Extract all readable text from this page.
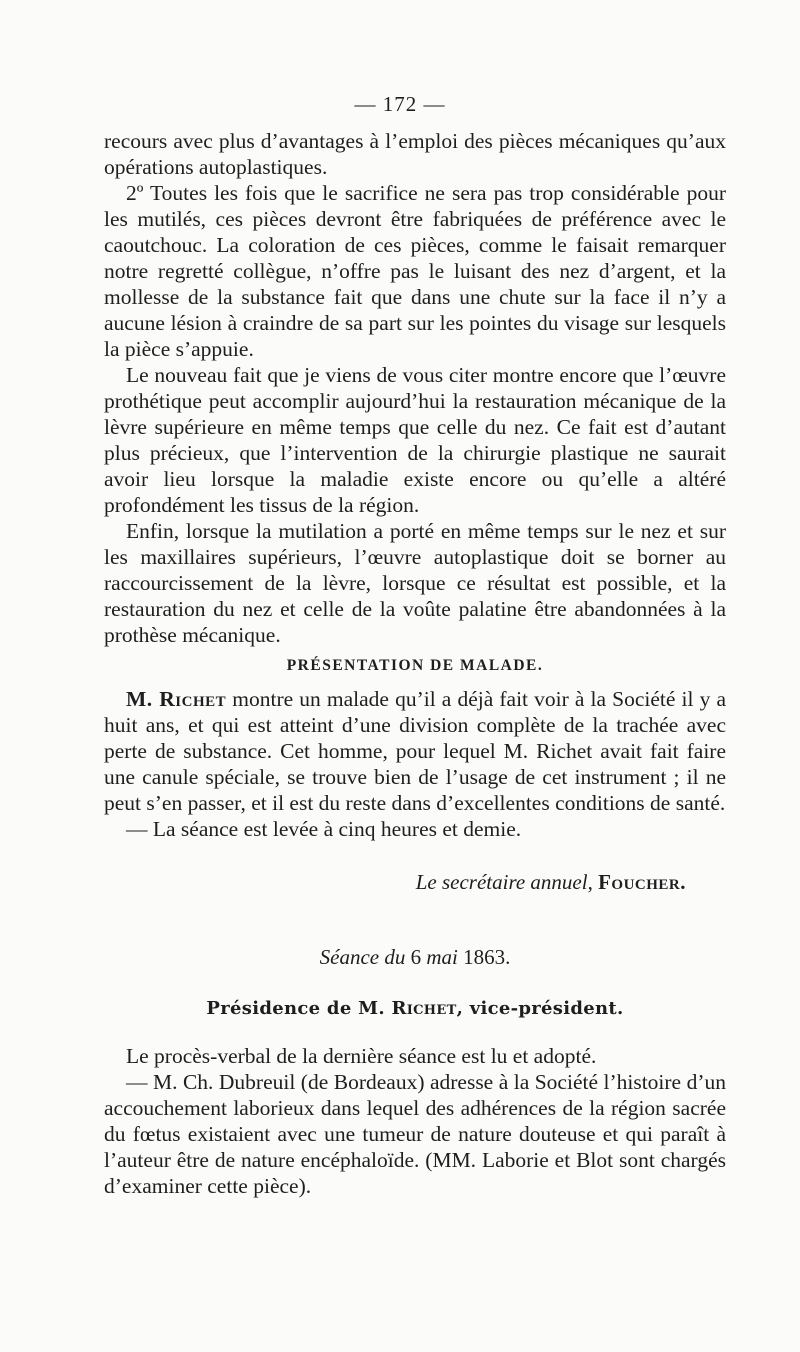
— 172 —

recours avec plus d’avantages à l’emploi des pièces mécaniques qu’aux opérations autoplastiques.

2º Toutes les fois que le sacrifice ne sera pas trop considérable pour les mutilés, ces pièces devront être fabriquées de préférence avec le caoutchouc. La coloration de ces pièces, comme le faisait remarquer notre regretté collègue, n’offre pas le luisant des nez d’argent, et la mollesse de la substance fait que dans une chute sur la face il n’y a aucune lésion à craindre de sa part sur les pointes du visage sur lesquels la pièce s’appuie.

Le nouveau fait que je viens de vous citer montre encore que l’œuvre prothétique peut accomplir aujourd’hui la restauration mécanique de la lèvre supérieure en même temps que celle du nez. Ce fait est d’autant plus précieux, que l’intervention de la chirurgie plastique ne saurait avoir lieu lorsque la maladie existe encore ou qu’elle a altéré profondément les tissus de la région.

Enfin, lorsque la mutilation a porté en même temps sur le nez et sur les maxillaires supérieurs, l’œuvre autoplastique doit se borner au raccourcissement de la lèvre, lorsque ce résultat est possible, et la restauration du nez et celle de la voûte palatine être abandonnées à la prothèse mécanique.

PRÉSENTATION DE MALADE.

M. Richet montre un malade qu’il a déjà fait voir à la Société il y a huit ans, et qui est atteint d’une division complète de la trachée avec perte de substance. Cet homme, pour lequel M. Richet avait fait faire une canule spéciale, se trouve bien de l’usage de cet instrument ; il ne peut s’en passer, et il est du reste dans d’excellentes conditions de santé.

— La séance est levée à cinq heures et demie.

Le secrétaire annuel, Foucher.
Séance du 6 mai 1863.
Présidence de M. Richet, vice-président.

Le procès-verbal de la dernière séance est lu et adopté.

— M. Ch. Dubreuil (de Bordeaux) adresse à la Société l’histoire d’un accouchement laborieux dans lequel des adhérences de la région sacrée du fœtus existaient avec une tumeur de nature douteuse et qui paraît à l’auteur être de nature encéphaloïde. (MM. Laborie et Blot sont chargés d’examiner cette pièce).
